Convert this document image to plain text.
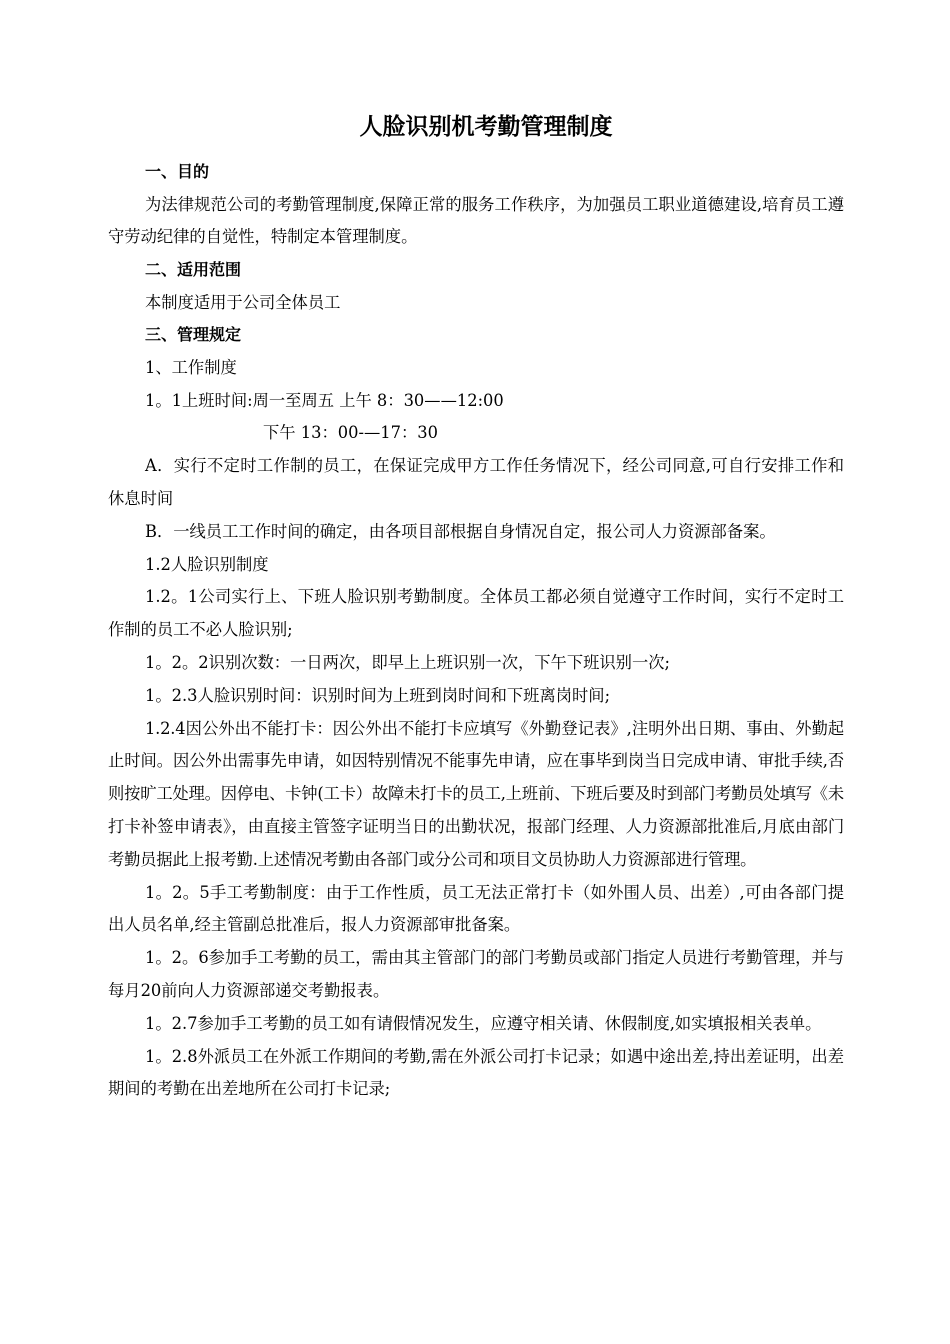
人脸识别机考勤管理制度

一、目的

为法律规范公司的考勤管理制度,保障正常的服务工作秩序，为加强员工职业道德建设,培育员工遵守劳动纪律的自觉性，特制定本管理制度。

二、适用范围

本制度适用于公司全体员工

三、管理规定

1、工作制度

1。1上班时间:周一至周五 上午 8：30——12:00

下午 13：00-—17：30

A．实行不定时工作制的员工，在保证完成甲方工作任务情况下，经公司同意,可自行安排工作和休息时间

B．一线员工工作时间的确定，由各项目部根据自身情况自定，报公司人力资源部备案。

1.2人脸识别制度

1.2。1公司实行上、下班人脸识别考勤制度。全体员工都必须自觉遵守工作时间，实行不定时工作制的员工不必人脸识别;

1。2。2识别次数：一日两次，即早上上班识别一次，下午下班识别一次;

1。2.3人脸识别时间：识别时间为上班到岗时间和下班离岗时间;

1.2.4因公外出不能打卡：因公外出不能打卡应填写《外勤登记表》,注明外出日期、事由、外勤起止时间。因公外出需事先申请，如因特别情况不能事先申请，应在事毕到岗当日完成申请、审批手续,否则按旷工处理。因停电、卡钟(工卡）故障未打卡的员工,上班前、下班后要及时到部门考勤员处填写《未打卡补签申请表》，由直接主管签字证明当日的出勤状况，报部门经理、人力资源部批准后,月底由部门考勤员据此上报考勤.上述情况考勤由各部门或分公司和项目文员协助人力资源部进行管理。

1。2。5手工考勤制度：由于工作性质，员工无法正常打卡（如外围人员、出差）,可由各部门提出人员名单,经主管副总批准后，报人力资源部审批备案。

1。2。6参加手工考勤的员工，需由其主管部门的部门考勤员或部门指定人员进行考勤管理，并与每月20前向人力资源部递交考勤报表。

1。2.7参加手工考勤的员工如有请假情况发生，应遵守相关请、休假制度,如实填报相关表单。

1。2.8外派员工在外派工作期间的考勤,需在外派公司打卡记录；如遇中途出差,持出差证明，出差期间的考勤在出差地所在公司打卡记录;
